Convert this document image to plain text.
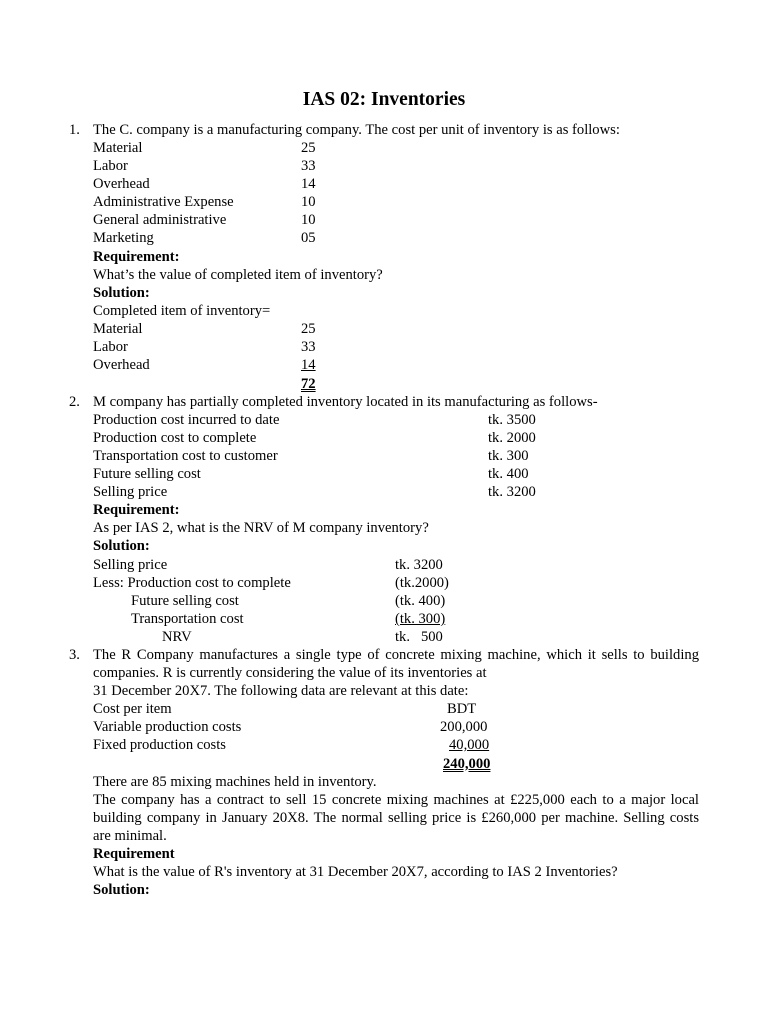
IAS 02: Inventories
1. The C. company is a manufacturing company. The cost per unit of inventory is as follows:
Material	25
Labor	33
Overhead	14
Administrative Expense	10
General administrative	10
Marketing	05
Requirement:
What’s the value of completed item of inventory?
Solution:
Completed item of inventory=
Material	25
Labor	33
Overhead	14
72
2. M company has partially completed inventory located in its manufacturing as follows-
Production cost incurred to date	tk. 3500
Production cost to complete	tk. 2000
Transportation cost to customer	tk. 300
Future selling cost	tk. 400
Selling price	tk. 3200
Requirement:
As per IAS 2, what is the NRV of M company inventory?
Solution:
Selling price	tk. 3200
Less: Production cost to complete	(tk.2000)
Future selling cost	(tk. 400)
Transportation cost	(tk. 300)
NRV	tk.   500
3. The R Company manufactures a single type of concrete mixing machine, which it sells to building companies. R is currently considering the value of its inventories at
31 December 20X7. The following data are relevant at this date:
Cost per item	BDT
Variable production costs	200,000
Fixed production costs	40,000
240,000
There are 85 mixing machines held in inventory.
The company has a contract to sell 15 concrete mixing machines at £225,000 each to a major local building company in January 20X8. The normal selling price is £260,000 per machine. Selling costs are minimal.
Requirement
What is the value of R's inventory at 31 December 20X7, according to IAS 2 Inventories?
Solution:
